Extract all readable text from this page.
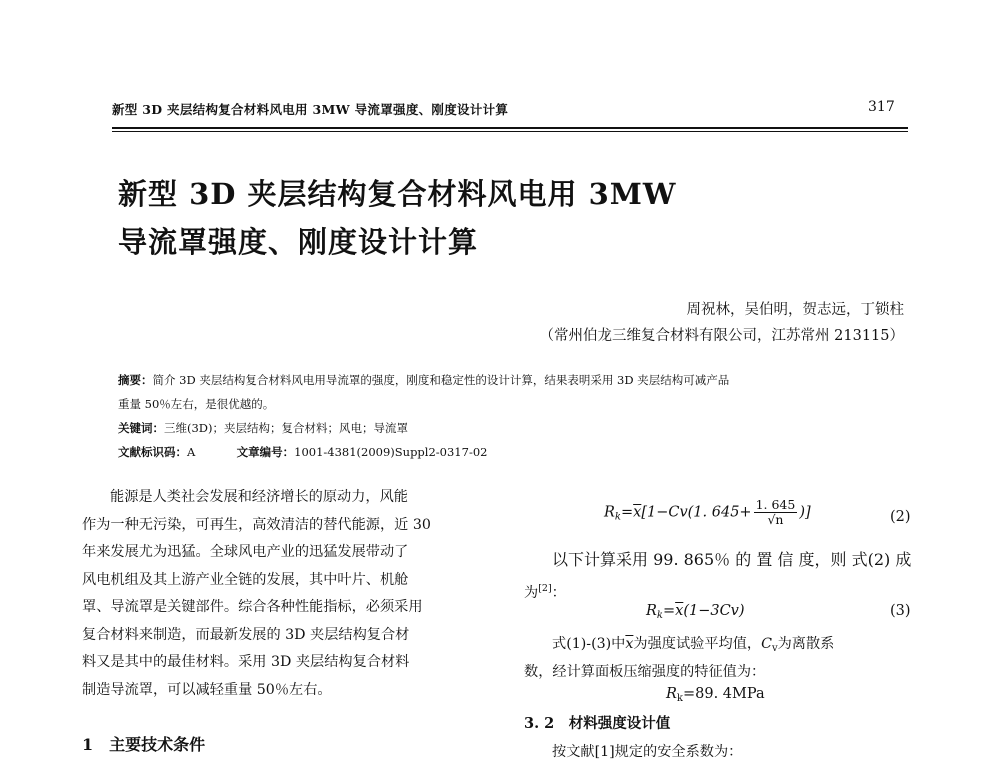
新型 3D 夹层结构复合材料风电用 3MW 导流罩强度、刚度设计计算	317
新型 3D 夹层结构复合材料风电用 3MW
导流罩强度、刚度设计计算
周祝林，吴伯明，贺志远，丁锁柱
（常州伯龙三维复合材料有限公司，江苏常州 213115）
摘要：简介 3D 夹层结构复合材料风电用导流罩的强度，刚度和稳定性的设计计算，结果表明采用 3D 夹层结构可减产品
重量 50％左右，是很优越的。
关键词：三维(3D)；夹层结构；复合材料；风电；导流罩
文献标识码：A	文章编号：1001-4381(2009)Suppl2-0317-02
能源是人类社会发展和经济增长的原动力，风能
作为一种无污染，可再生，高效清洁的替代能源，近 30
年来发展尤为迅猛。全球风电产业的迅猛发展带动了
风电机组及其上游产业全链的发展，其中叶片、机舱
罩、导流罩是关键部件。综合各种性能指标，必须采用
复合材料来制造，而最新发展的 3D 夹层结构复合材
料又是其中的最佳材料。采用 3D 夹层结构复合材料
制造导流罩，可以减轻重量 50％左右。
1　主要技术条件
$R_k=\overline{x}[1-Cv(1$. $645+ \frac{1. 645}{√n}$ )]	(2)
以下计算采用 99. 865％ 的 置 信 度，则 式(2) 成

为[2]：

$R_k=\overline{x}(1-3Cv)$	(3)

式(1)-(3)中$\overline{x}$为强度试验平均值，$C_v$为离散系

数，经计算面板压缩强度的特征值为：

$R_k=89$. 4MPa
3. 2　材料强度设计值

按文献[1]规定的安全系数为：
